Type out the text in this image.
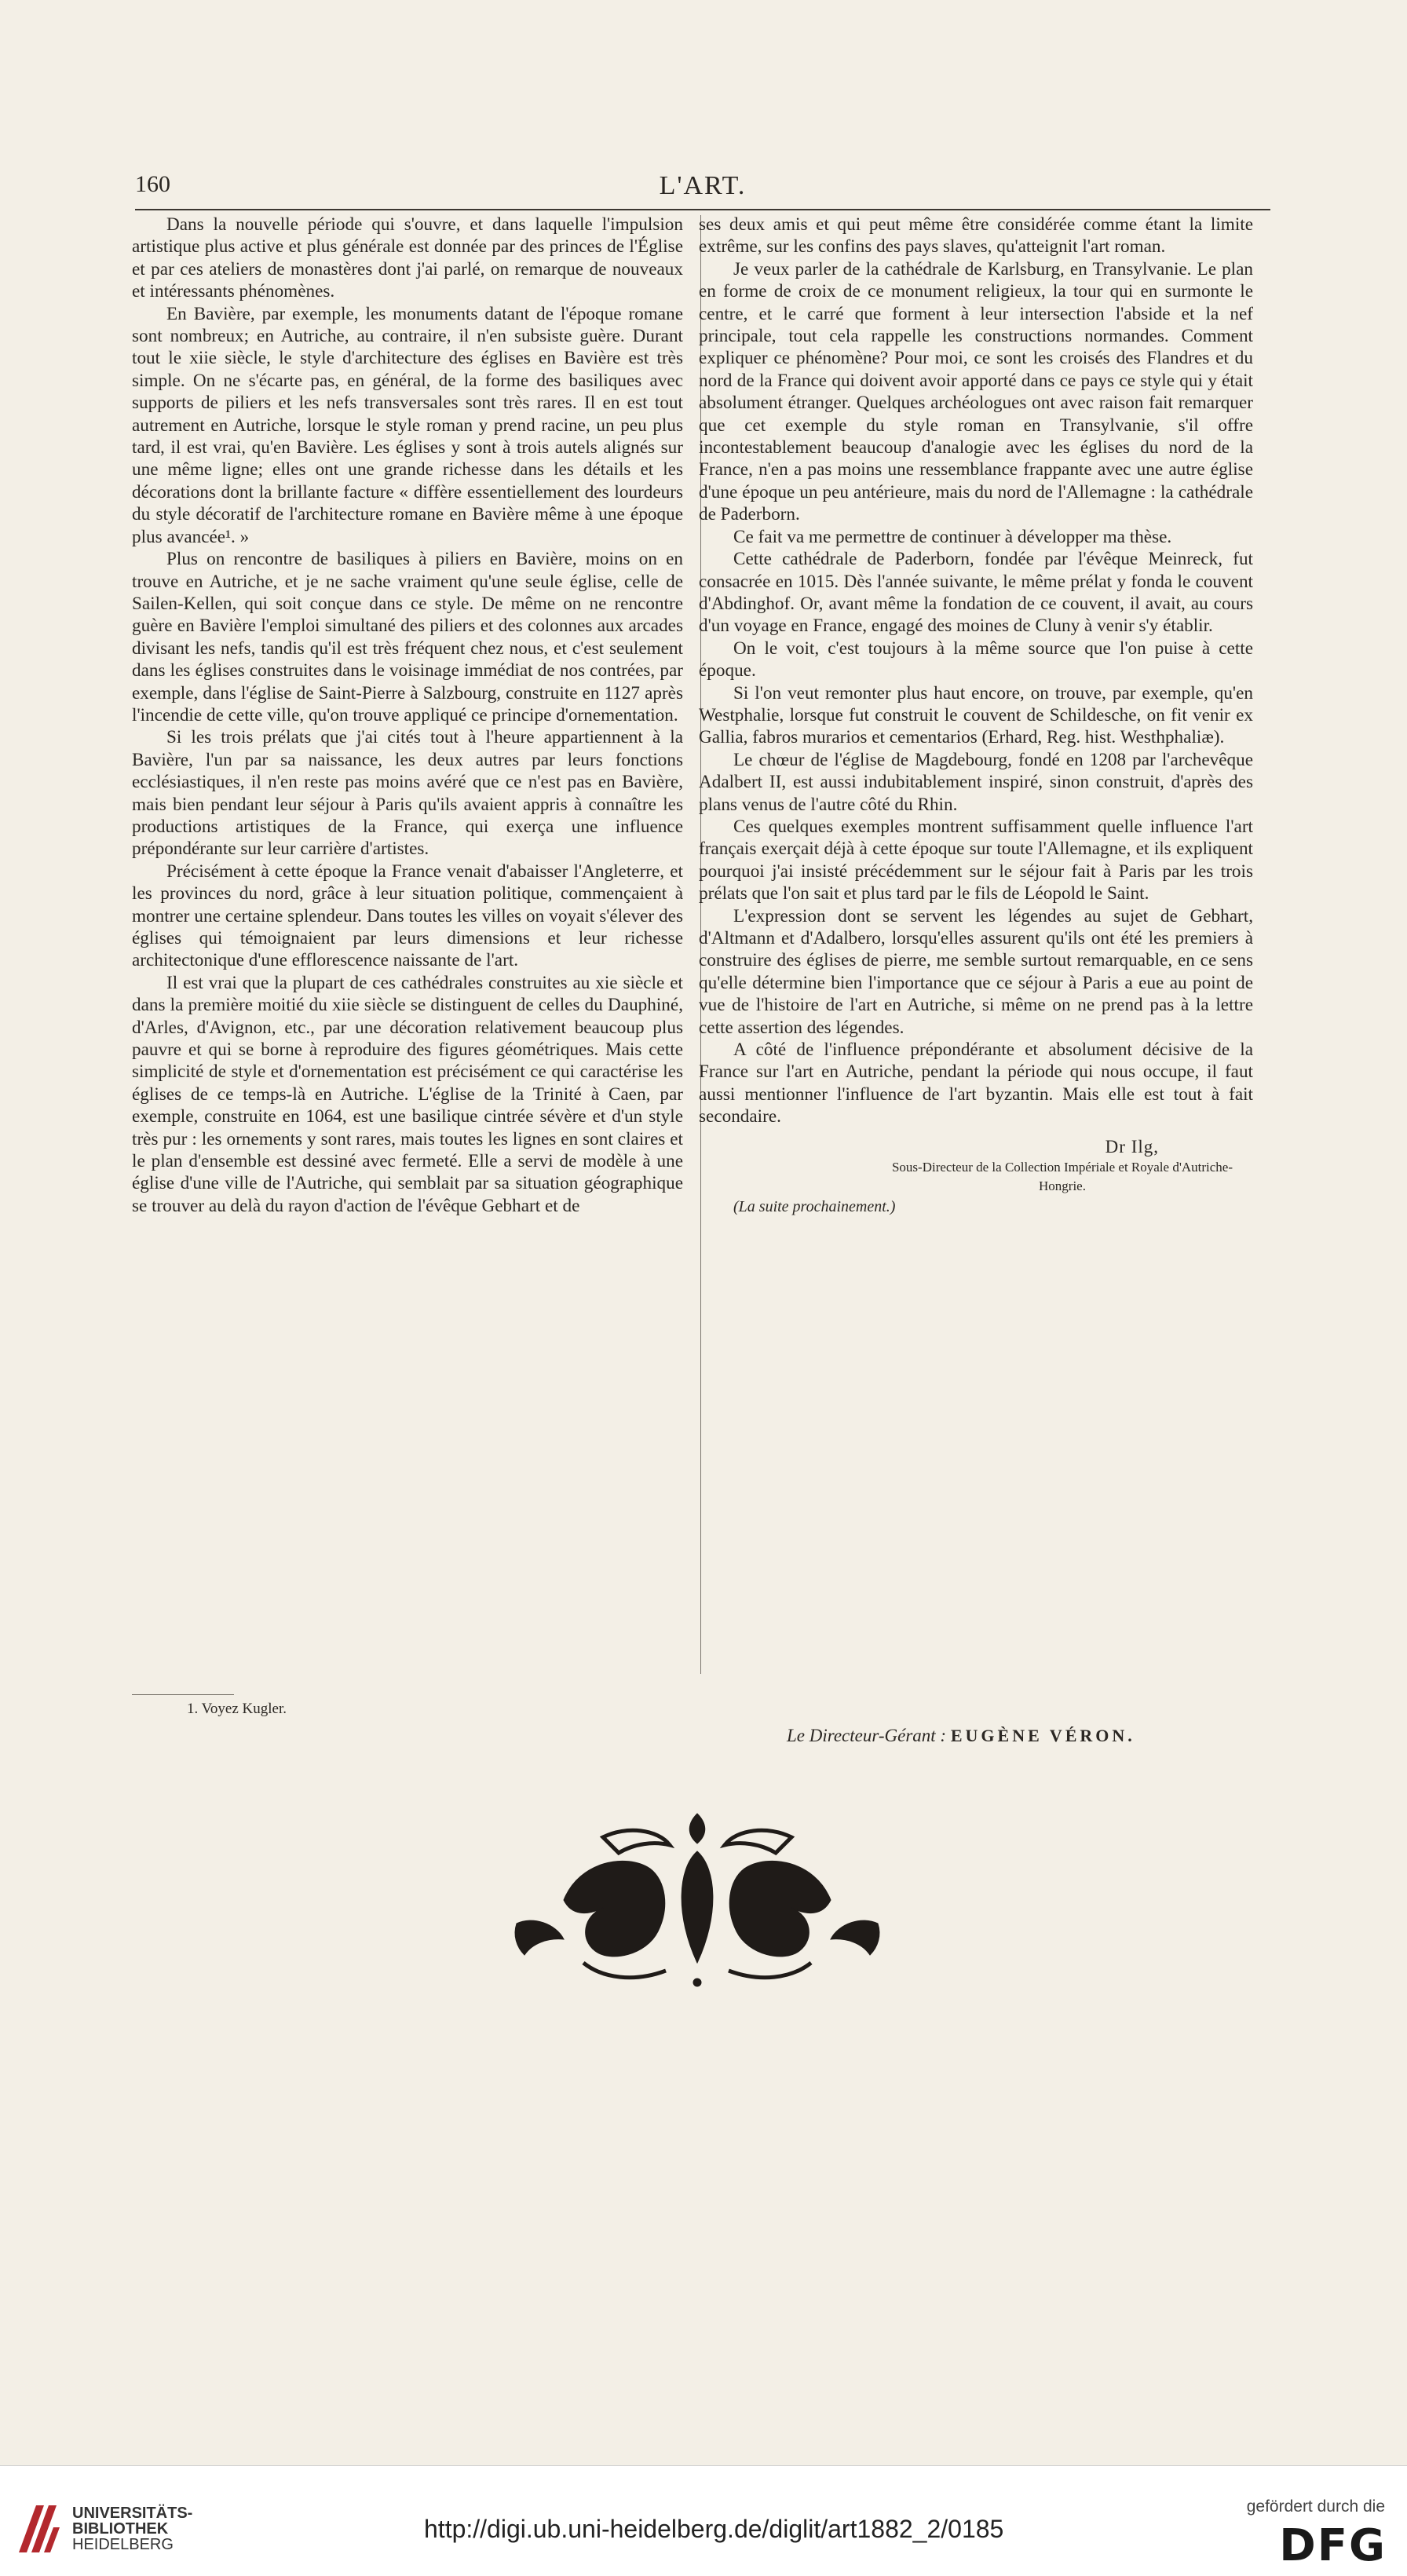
160	L'ART.

Dans la nouvelle période qui s'ouvre, et dans laquelle l'impulsion artistique plus active et plus générale est donnée par des princes de l'Église et par ces ateliers de monastères dont j'ai parlé, on remarque de nouveaux et intéressants phénomènes.

En Bavière, par exemple, les monuments datant de l'époque romane sont nombreux; en Autriche, au contraire, il n'en subsiste guère. Durant tout le xiie siècle, le style d'architecture des églises en Bavière est très simple. On ne s'écarte pas, en général, de la forme des basiliques avec supports de piliers et les nefs transversales sont très rares. Il en est tout autrement en Autriche, lorsque le style roman y prend racine, un peu plus tard, il est vrai, qu'en Bavière. Les églises y sont à trois autels alignés sur une même ligne; elles ont une grande richesse dans les détails et les décorations dont la brillante facture « diffère essentiellement des lourdeurs du style décoratif de l'architecture romane en Bavière même à une époque plus avancée¹. »

Plus on rencontre de basiliques à piliers en Bavière, moins on en trouve en Autriche, et je ne sache vraiment qu'une seule église, celle de Sailen-Kellen, qui soit conçue dans ce style. De même on ne rencontre guère en Bavière l'emploi simultané des piliers et des colonnes aux arcades divisant les nefs, tandis qu'il est très fréquent chez nous, et c'est seulement dans les églises construites dans le voisinage immédiat de nos contrées, par exemple, dans l'église de Saint-Pierre à Salzbourg, construite en 1127 après l'incendie de cette ville, qu'on trouve appliqué ce principe d'ornementation.

Si les trois prélats que j'ai cités tout à l'heure appartiennent à la Bavière, l'un par sa naissance, les deux autres par leurs fonctions ecclésiastiques, il n'en reste pas moins avéré que ce n'est pas en Bavière, mais bien pendant leur séjour à Paris qu'ils avaient appris à connaître les productions artistiques de la France, qui exerça une influence prépondérante sur leur carrière d'artistes.

Précisément à cette époque la France venait d'abaisser l'Angleterre, et les provinces du nord, grâce à leur situation politique, commençaient à montrer une certaine splendeur. Dans toutes les villes on voyait s'élever des églises qui témoignaient par leurs dimensions et leur richesse architectonique d'une efflorescence naissante de l'art.

Il est vrai que la plupart de ces cathédrales construites au xie siècle et dans la première moitié du xiie siècle se distinguent de celles du Dauphiné, d'Arles, d'Avignon, etc., par une décoration relativement beaucoup plus pauvre et qui se borne à reproduire des figures géométriques. Mais cette simplicité de style et d'ornementation est précisément ce qui caractérise les églises de ce temps-là en Autriche. L'église de la Trinité à Caen, par exemple, construite en 1064, est une basilique cintrée sévère et d'un style très pur : les ornements y sont rares, mais toutes les lignes en sont claires et le plan d'ensemble est dessiné avec fermeté. Elle a servi de modèle à une église d'une ville de l'Autriche, qui semblait par sa situation géographique se trouver au delà du rayon d'action de l'évêque Gebhart et de

ses deux amis et qui peut même être considérée comme étant la limite extrême, sur les confins des pays slaves, qu'atteignit l'art roman.

Je veux parler de la cathédrale de Karlsburg, en Transylvanie. Le plan en forme de croix de ce monument religieux, la tour qui en surmonte le centre, et le carré que forment à leur intersection l'abside et la nef principale, tout cela rappelle les constructions normandes. Comment expliquer ce phénomène? Pour moi, ce sont les croisés des Flandres et du nord de la France qui doivent avoir apporté dans ce pays ce style qui y était absolument étranger. Quelques archéologues ont avec raison fait remarquer que cet exemple du style roman en Transylvanie, s'il offre incontestablement beaucoup d'analogie avec les églises du nord de la France, n'en a pas moins une ressemblance frappante avec une autre église d'une époque un peu antérieure, mais du nord de l'Allemagne : la cathédrale de Paderborn.

Ce fait va me permettre de continuer à développer ma thèse.

Cette cathédrale de Paderborn, fondée par l'évêque Meinreck, fut consacrée en 1015. Dès l'année suivante, le même prélat y fonda le couvent d'Abdinghof. Or, avant même la fondation de ce couvent, il avait, au cours d'un voyage en France, engagé des moines de Cluny à venir s'y établir.

On le voit, c'est toujours à la même source que l'on puise à cette époque.

Si l'on veut remonter plus haut encore, on trouve, par exemple, qu'en Westphalie, lorsque fut construit le couvent de Schildesche, on fit venir ex Gallia, fabros murarios et cementarios (Erhard, Reg. hist. Westhphaliæ).

Le chœur de l'église de Magdebourg, fondé en 1208 par l'archevêque Adalbert II, est aussi indubitablement inspiré, sinon construit, d'après des plans venus de l'autre côté du Rhin.

Ces quelques exemples montrent suffisamment quelle influence l'art français exerçait déjà à cette époque sur toute l'Allemagne, et ils expliquent pourquoi j'ai insisté précédemment sur le séjour fait à Paris par les trois prélats que l'on sait et plus tard par le fils de Léopold le Saint.

L'expression dont se servent les légendes au sujet de Gebhart, d'Altmann et d'Adalbero, lorsqu'elles assurent qu'ils ont été les premiers à construire des églises de pierre, me semble surtout remarquable, en ce sens qu'elle détermine bien l'importance que ce séjour à Paris a eue au point de vue de l'histoire de l'art en Autriche, si même on ne prend pas à la lettre cette assertion des légendes.

A côté de l'influence prépondérante et absolument décisive de la France sur l'art en Autriche, pendant la période qui nous occupe, il faut aussi mentionner l'influence de l'art byzantin. Mais elle est tout à fait secondaire.

Dr Ilg,
Sous-Directeur de la Collection Impériale et Royale d'Autriche-Hongrie.

(La suite prochainement.)

1. Voyez Kugler.
Le Directeur-Gérant : EUGÈNE VÉRON.
UNIVERSITÄTS-
BIBLIOTHEK
HEIDELBERG
http://digi.ub.uni-heidelberg.de/diglit/art1882_2/0185
gefördert durch die
DFG
